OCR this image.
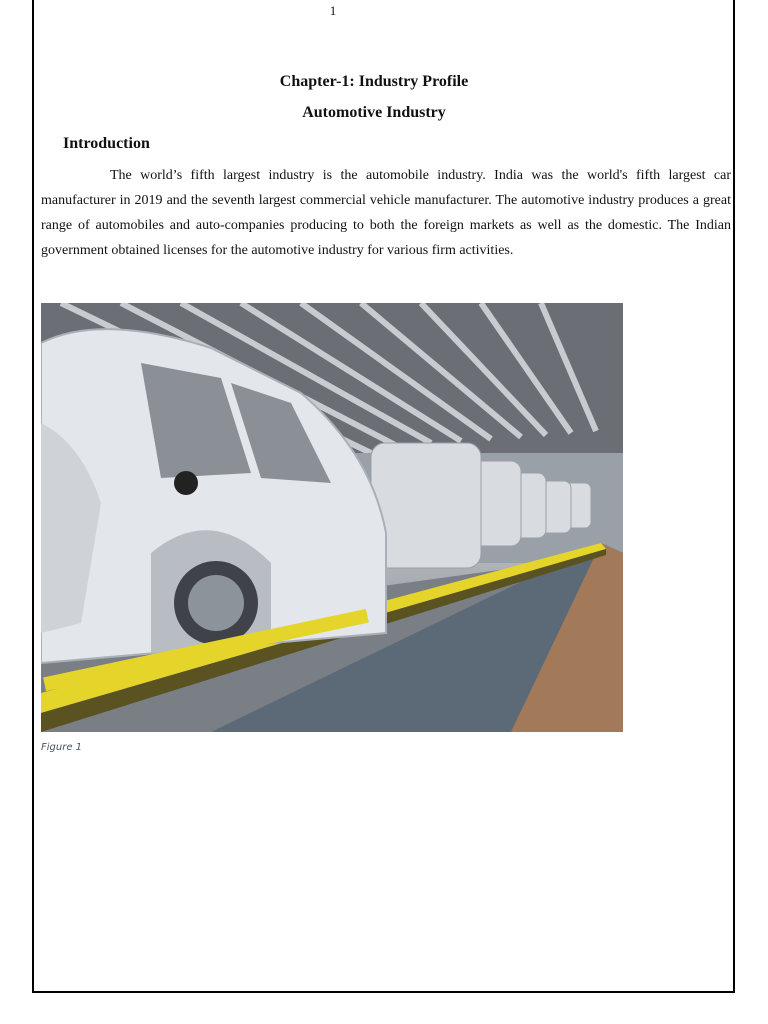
1
Chapter-1: Industry Profile
Automotive Industry
Introduction

The world’s fifth largest industry is the automobile industry. India was the world's fifth largest car manufacturer in 2019 and the seventh largest commercial vehicle manufacturer. The automotive industry produces a great range of automobiles and auto-companies producing to both the foreign markets as well as the domestic. The Indian government obtained licenses for the automotive industry for various firm activities.

Figure 1
